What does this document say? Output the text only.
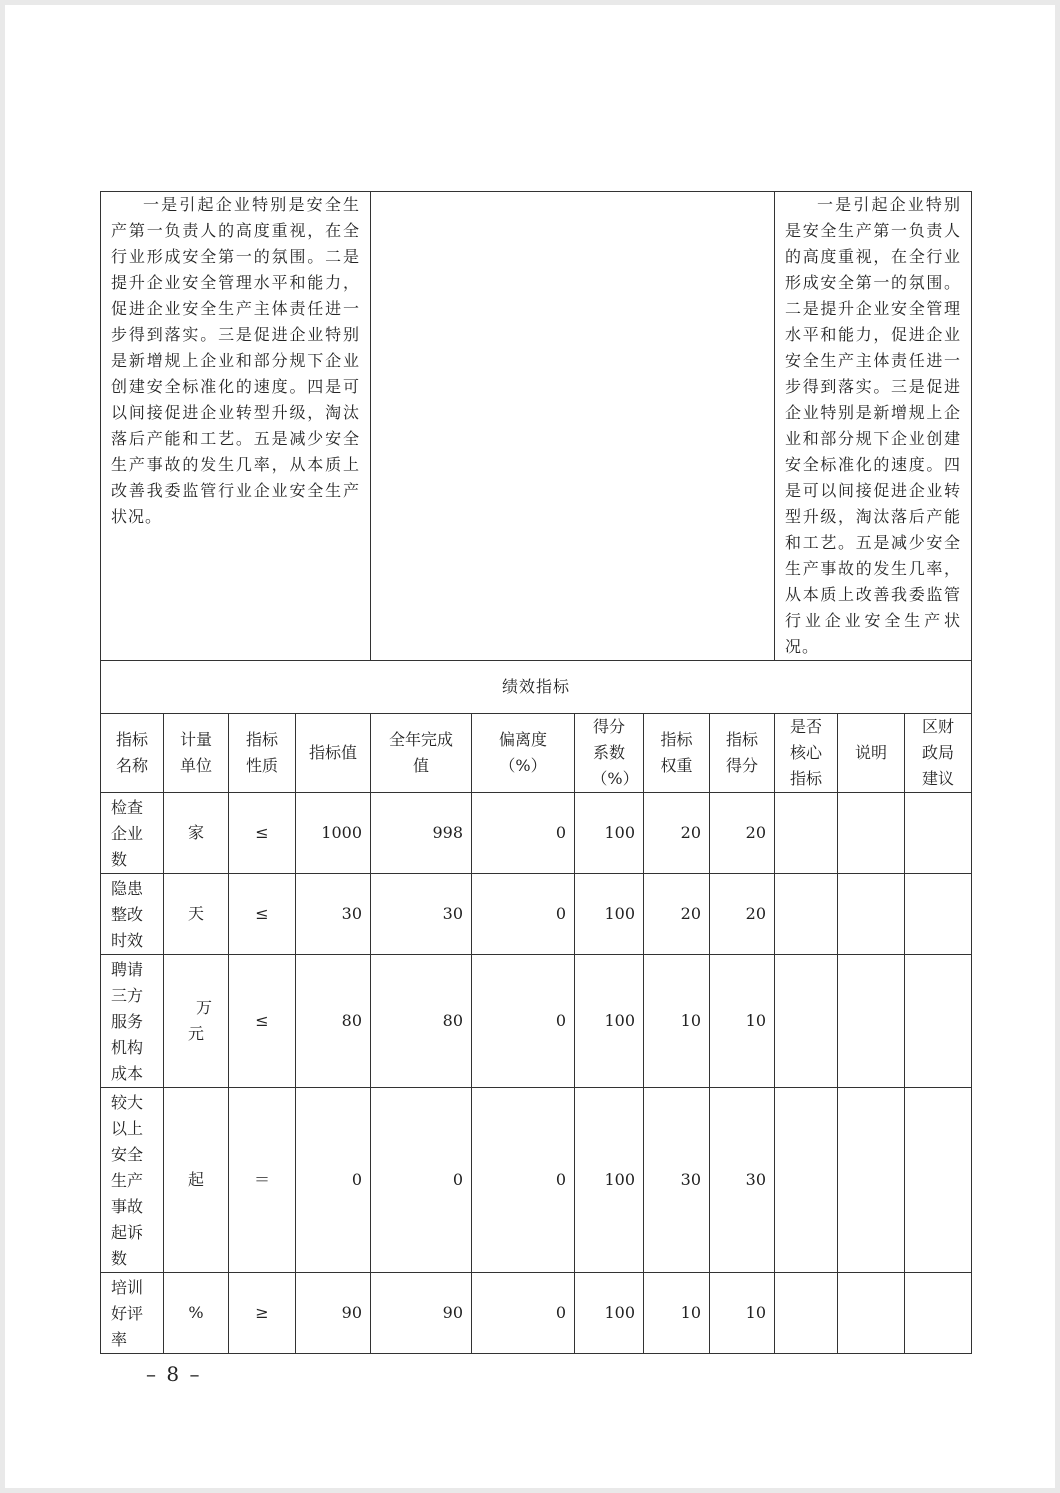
一是引起企业特别是安全生产第一负责人的高度重视，在全行业形成安全第一的氛围。二是提升企业安全管理水平和能力，促进企业安全生产主体责任进一步得到落实。三是促进企业特别是新增规上企业和部分规下企业创建安全标准化的速度。四是可以间接促进企业转型升级，淘汰落后产能和工艺。五是减少安全生产事故的发生几率，从本质上改善我委监管行业企业安全生产状况。									一是引起企业特别是安全生产第一负责人的高度重视，在全行业形成安全第一的氛围。二是提升企业安全管理水平和能力，促进企业安全生产主体责任进一步得到落实。三是促进企业特别是新增规上企业和部分规下企业创建安全标准化的速度。四是可以间接促进企业转型升级，淘汰落后产能和工艺。五是减少安全生产事故的发生几率，从本质上改善我委监管行业企业安全生产状况。		
绩效指标											

指标名称	计量单位	指标性质	指标值	全年完成值	偏离度（%）	得分系数（%）	指标权重	指标得分	是否核心指标	说明	区财政局建议

检查企业数	家	≤	1000	998	0	100	20	20			

隐患整改时效	天	≤	30	30	0	100	20	20			

聘请三方服务机构成本	万元	≤	80	80	0	100	10	10			

较大以上安全生产事故起诉数	起	＝	0	0	0	100	30	30			

培训好评率	%	≥	90	90	0	100	10	10			
– 8 –
